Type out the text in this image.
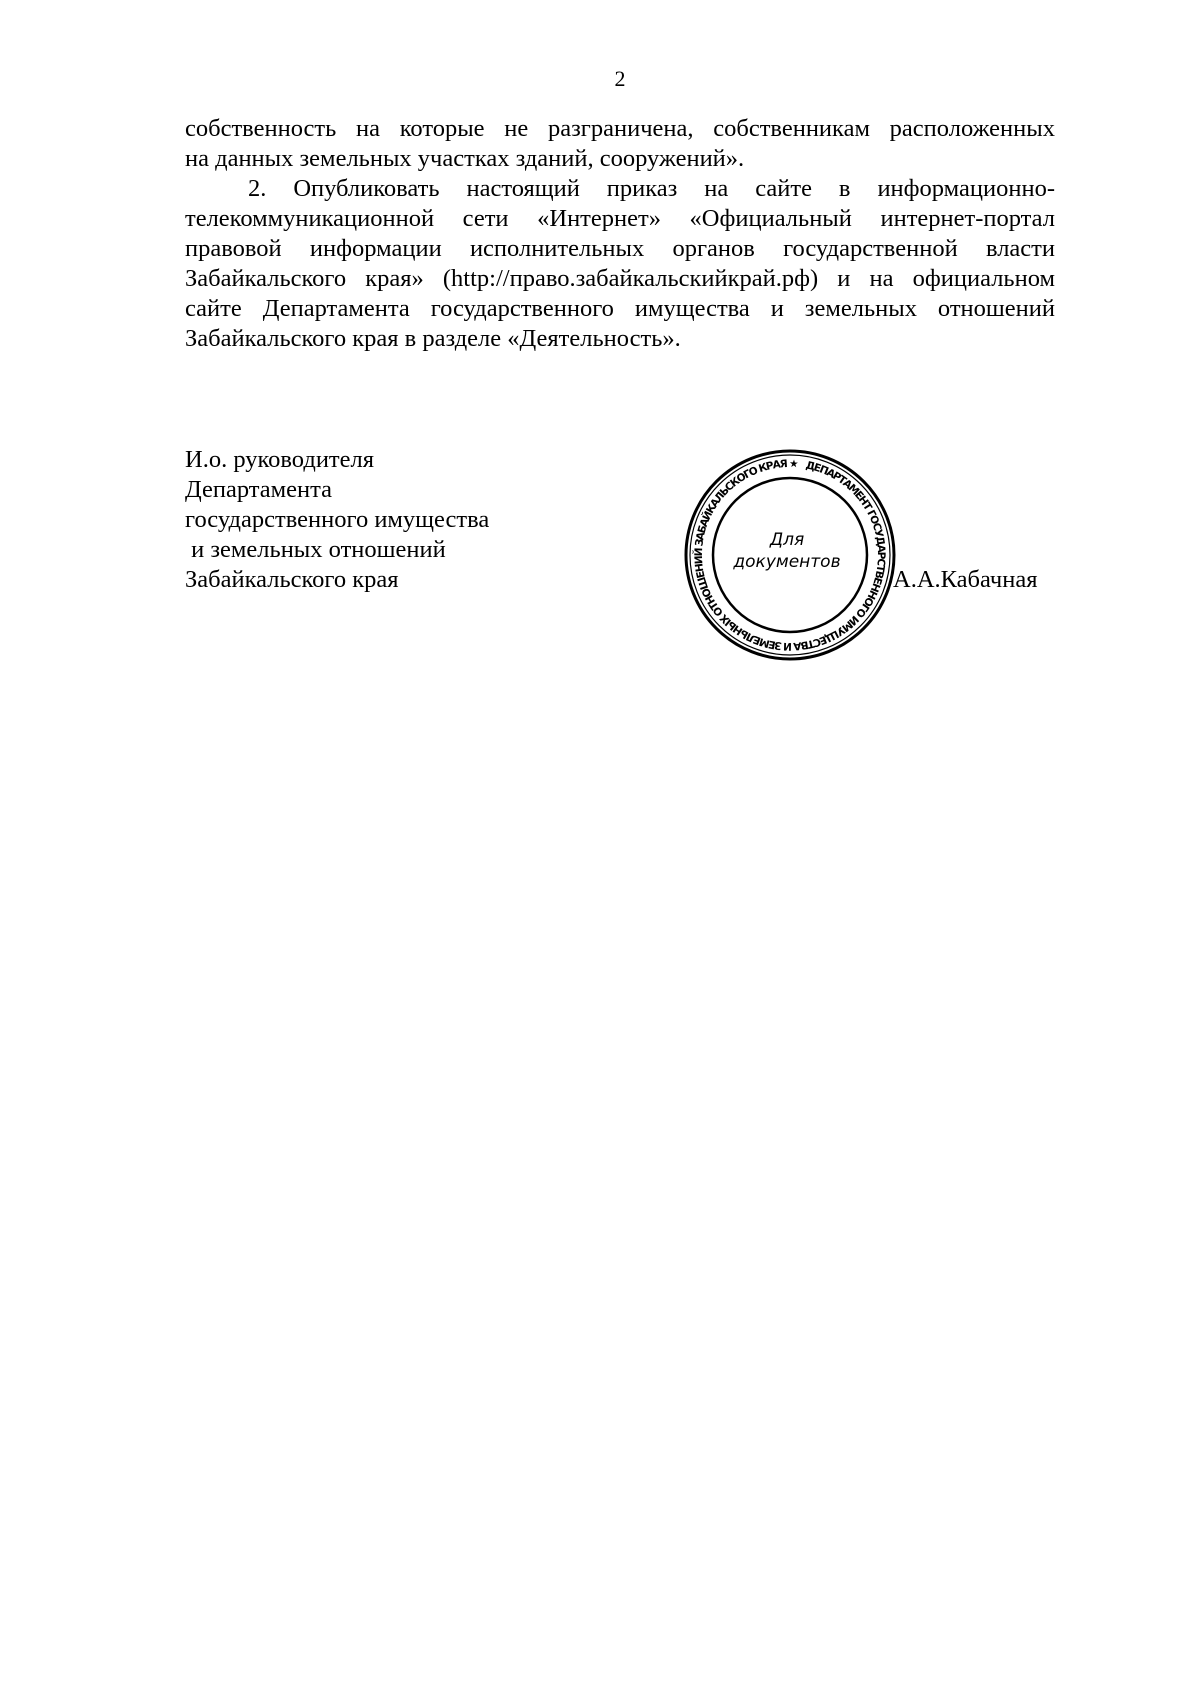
2
собственность на которые не разграничена, собственникам расположенных
на данных земельных участках зданий, сооружений».
2. Опубликовать настоящий приказ на сайте в информационно-
телекоммуникационной сети «Интернет» «Официальный интернет-портал
правовой информации исполнительных органов государственной власти
Забайкальского края» (http://право.забайкальскийкрай.рф) и на официальном
сайте Департамента государственного имущества и земельных отношений
Забайкальского края в разделе «Деятельность».
И.о. руководителя
Департамента
государственного имущества
и земельных отношений
Забайкальского края
ДЕПАРТАМЕНТ ГОСУДАРСТВЕННОГО ИМУЩЕСТВА И ЗЕМЕЛЬНЫХ ОТНОШЕНИЙ ЗАБАЙКАЛЬСКОГО КРАЯ ★
Для
документов
А.А.Кабачная
